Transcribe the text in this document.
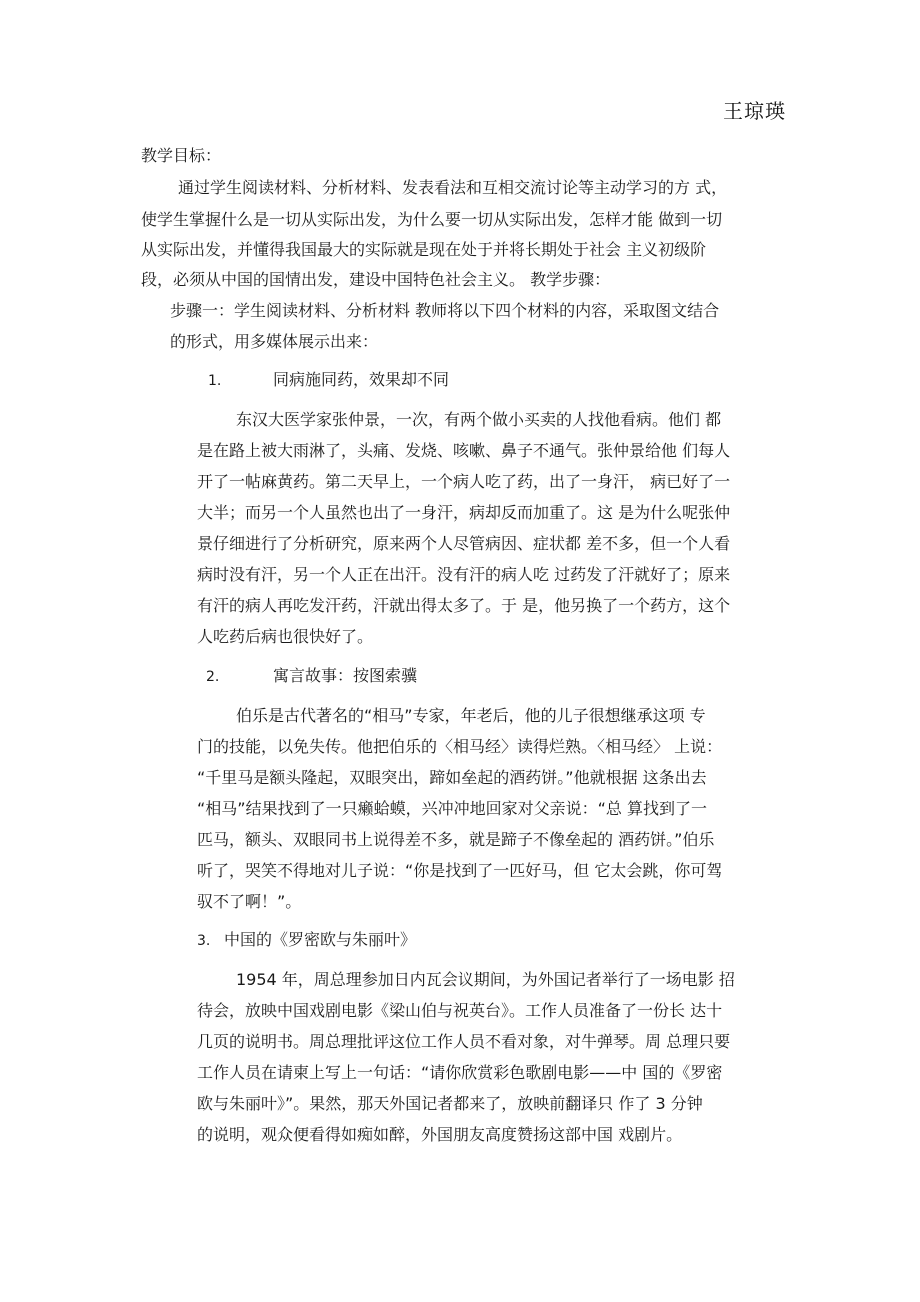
王琼瑛
教学目标：
通过学生阅读材料、分析材料、发表看法和互相交流讨论等主动学习的方 式，
使学生掌握什么是一切从实际出发，为什么要一切从实际出发，怎样才能 做到一切
从实际出发，并懂得我国最大的实际就是现在处于并将长期处于社会 主义初级阶
段，必须从中国的国情出发，建设中国特色社会主义。 教学步骤：
步骤一：学生阅读材料、分析材料 教师将以下四个材料的内容，采取图文结合
的形式，用多媒体展示出来：
1.	同病施同药，效果却不同
东汉大医学家张仲景，一次，有两个做小买卖的人找他看病。他们 都
是在路上被大雨淋了，头痛、发烧、咳嗽、鼻子不通气。张仲景给他 们每人
开了一帖麻黄药。第二天早上，一个病人吃了药，出了一身汗， 病已好了一
大半；而另一个人虽然也出了一身汗，病却反而加重了。这 是为什么呢张仲
景仔细进行了分析研究，原来两个人尽管病因、症状都 差不多，但一个人看
病时没有汗，另一个人正在出汗。没有汗的病人吃 过药发了汗就好了；原来
有汗的病人再吃发汗药，汗就出得太多了。于 是，他另换了一个药方，这个
人吃药后病也很快好了。
2.	寓言故事：按图索骥
伯乐是古代著名的“相马”专家，年老后，他的儿子很想继承这项 专
门的技能，以免失传。他把伯乐的〈相马经〉读得烂熟。〈相马经〉 上说：
“千里马是额头隆起，双眼突出，蹄如垒起的酒药饼。”他就根据 这条出去
“相马”结果找到了一只癞蛤蟆，兴冲冲地回家对父亲说：“总 算找到了一
匹马，额头、双眼同书上说得差不多，就是蹄子不像垒起的 酒药饼。”伯乐
听了，哭笑不得地对儿子说：“你是找到了一匹好马，但 它太会跳，你可驾
驭不了啊！”。
3. 中国的《罗密欧与朱丽叶》
1954 年，周总理参加日内瓦会议期间，为外国记者举行了一场电影 招
待会，放映中国戏剧电影《梁山伯与祝英台》。工作人员准备了一份长 达十
几页的说明书。周总理批评这位工作人员不看对象，对牛弹琴。周 总理只要
工作人员在请柬上写上一句话：“请你欣赏彩色歌剧电影——中 国的《罗密
欧与朱丽叶》”。果然，那天外国记者都来了，放映前翻译只 作了 3 分钟
的说明，观众便看得如痴如醉，外国朋友高度赞扬这部中国 戏剧片。
